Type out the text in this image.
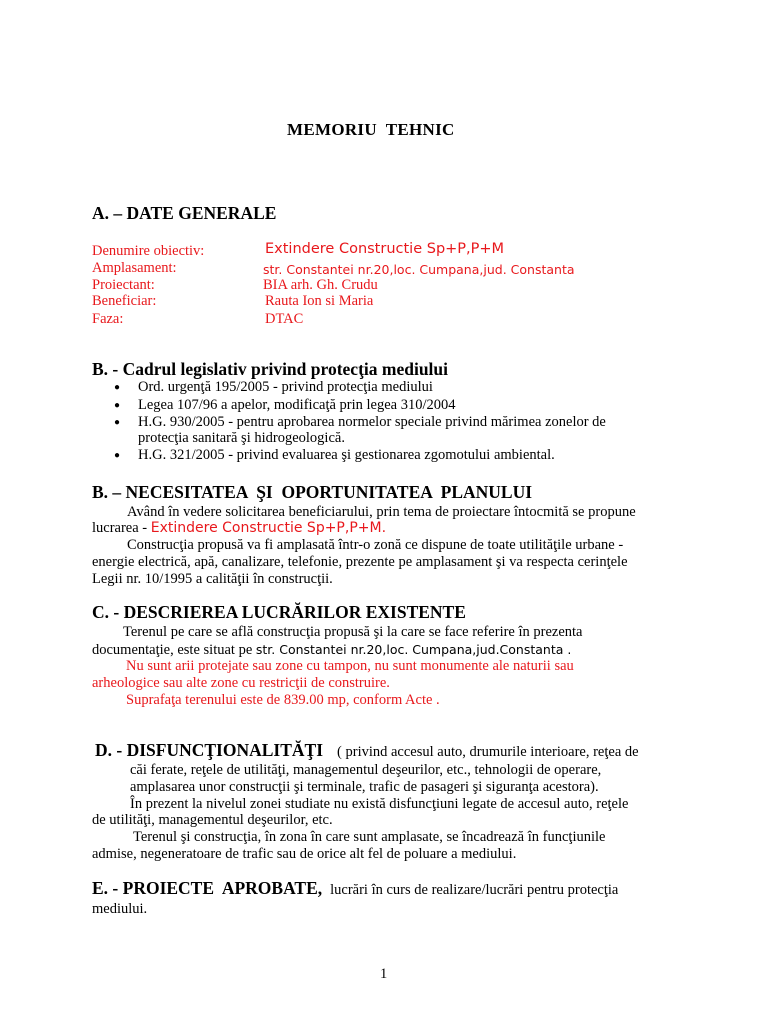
MEMORIU  TEHNIC
A. – DATE GENERALE
Denumire obiectiv:	Extindere Constructie Sp+P,P+M
Amplasament:	str. Constantei nr.20,loc. Cumpana,jud. Constanta
Proiectant:	BIA arh. Gh. Crudu
Beneficiar:	Rauta Ion si Maria
Faza:	DTAC
B. - Cadrul legislativ privind protecţia mediului
● Ord. urgenţă 195/2005 - privind protecţia mediului
● Legea 107/96 a apelor, modificaţă prin legea 310/2004
● H.G. 930/2005 - pentru aprobarea normelor speciale privind mărimea zonelor de
protecţia sanitară şi hidrogeologică.
● H.G. 321/2005 - privind evaluarea şi gestionarea zgomotului ambiental.
B. – NECESITATEA  ŞI  OPORTUNITATEA  PLANULUI
Având în vedere solicitarea beneficiarului, prin tema de proiectare întocmită se propune
lucrarea - Extindere Constructie Sp+P,P+M.
Construcţia propusă va fi amplasată într-o zonă ce dispune de toate utilităţile urbane -
energie electrică, apă, canalizare, telefonie, prezente pe amplasament şi va respecta cerinţele
Legii nr. 10/1995 a calităţii în construcţii.
C. - DESCRIEREA LUCRĂRILOR EXISTENTE
Terenul pe care se află construcţia propusă şi la care se face referire în prezenta
documentaţie, este situat pe str. Constantei nr.20,loc. Cumpana,jud.Constanta .
Nu sunt arii protejate sau zone cu tampon, nu sunt monumente ale naturii sau
arheologice sau alte zone cu restricţii de construire.
Suprafaţa terenului este de 839.00 mp, conform Acte .
D. - DISFUNCŢIONALITĂŢI ( privind accesul auto, drumurile interioare, reţea de
căi ferate, reţele de utilităţi, managementul deşeurilor, etc., tehnologii de operare,
amplasarea unor construcţii şi terminale, trafic de pasageri şi siguranţa acestora).
În prezent la nivelul zonei studiate nu există disfuncţiuni legate de accesul auto, reţele
de utilităţi, managementul deşeurilor, etc.
Terenul şi construcţia, în zona în care sunt amplasate, se încadrează în funcţiunile
admise, negeneratoare de trafic sau de orice alt fel de poluare a mediului.
E. - PROIECTE  APROBATE, lucrări în curs de realizare/lucrări pentru protecţia
mediului.
1
